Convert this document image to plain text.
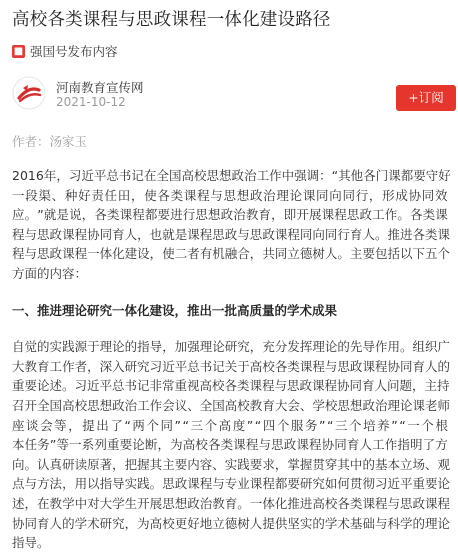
高校各类课程与思政课程一体化建设路径
■ 强国号发布内容
河南教育宣传网
2021-10-12	+订阅
作者：汤家玉
2 0 1 6 年 ， 习 近 平 总 书 记 在 全 国 高 校 思 想 政 治 工 作 中 强 调 ： “ 其 他 各 门 课 都 要 守 好
一 段 渠 、 种 好 责 任 田 ， 使 各 类 课 程 与 思 想 政 治 理 论 课 同 向 同 行 ， 形 成 协 同 效
应 。 ” 就 是 说 ， 各 类 课 程 都 要 进 行 思 想 政 治 教 育 ， 即 开 展 课 程 思 政 工 作 。 各 类 课
程 与 思 政 课 程 协 同 育 人 ， 也 就 是 课 程 思 政 与 思 政 课 程 同 向 同 行 育 人 。 推 进 各 类 课
程 与 思 政 课 程 一 体 化 建 设 ， 使 二 者 有 机 融 合 ， 共 同 立 德 树 人 。 主 要 包 括 以 下 五 个
方面的内容：
一、推进理论研究一体化建设，推出一批高质量的学术成果
自 觉 的 实 践 源 于 理 论 的 指 导 ， 加 强 理 论 研 究 ， 充 分 发 挥 理 论 的 先 导 作 用 。 组 织 广
大 教 育 工 作 者 ， 深 入 研 究 习 近 平 总 书 记 关 于 高 校 各 类 课 程 与 思 政 课 程 协 同 育 人 的
重要论述。习近平总书记非常重视高校各类课程与思政课程协同育人问题，主持
召 开 全 国 高 校 思 想 政 治 工 作 会 议 、 全 国 高 校 教 育 大 会 、 学 校 思 想 政 治 理 论 课 老 师
座 谈 会 等 ， 提 出 了 “ 两 个 同 ” “ 三 个 高 度 ” “ 四 个 服 务 ” “ 三 个 培 养 ” “ 一 个 根
本 任 务 ” 等 一 系 列 重 要 论 断 ， 为 高 校 各 类 课 程 与 思 政 课 程 协 同 育 人 工 作 指 明 了 方
向 。 认 真 研 读 原 著 ， 把 握 其 主 要 内 容 、 实 践 要 求 ， 掌 握 贯 穿 其 中 的 基 本 立 场 、 观
点 与 方 法 ， 用 以 指 导 实 践 。 思 政 课 程 与 专 业 课 程 都 要 研 究 如 何 贯 彻 习 近 平 重 要 论
述 ， 在 教 学 中 对 大 学 生 开 展 思 想 政 治 教 育 。 一 体 化 推 进 高 校 各 类 课 程 与 思 政 课 程
协 同 育 人 的 学 术 研 究 ， 为 高 校 更 好 地 立 德 树 人 提 供 坚 实 的 学 术 基 础 与 科 学 的 理 论
指导。
